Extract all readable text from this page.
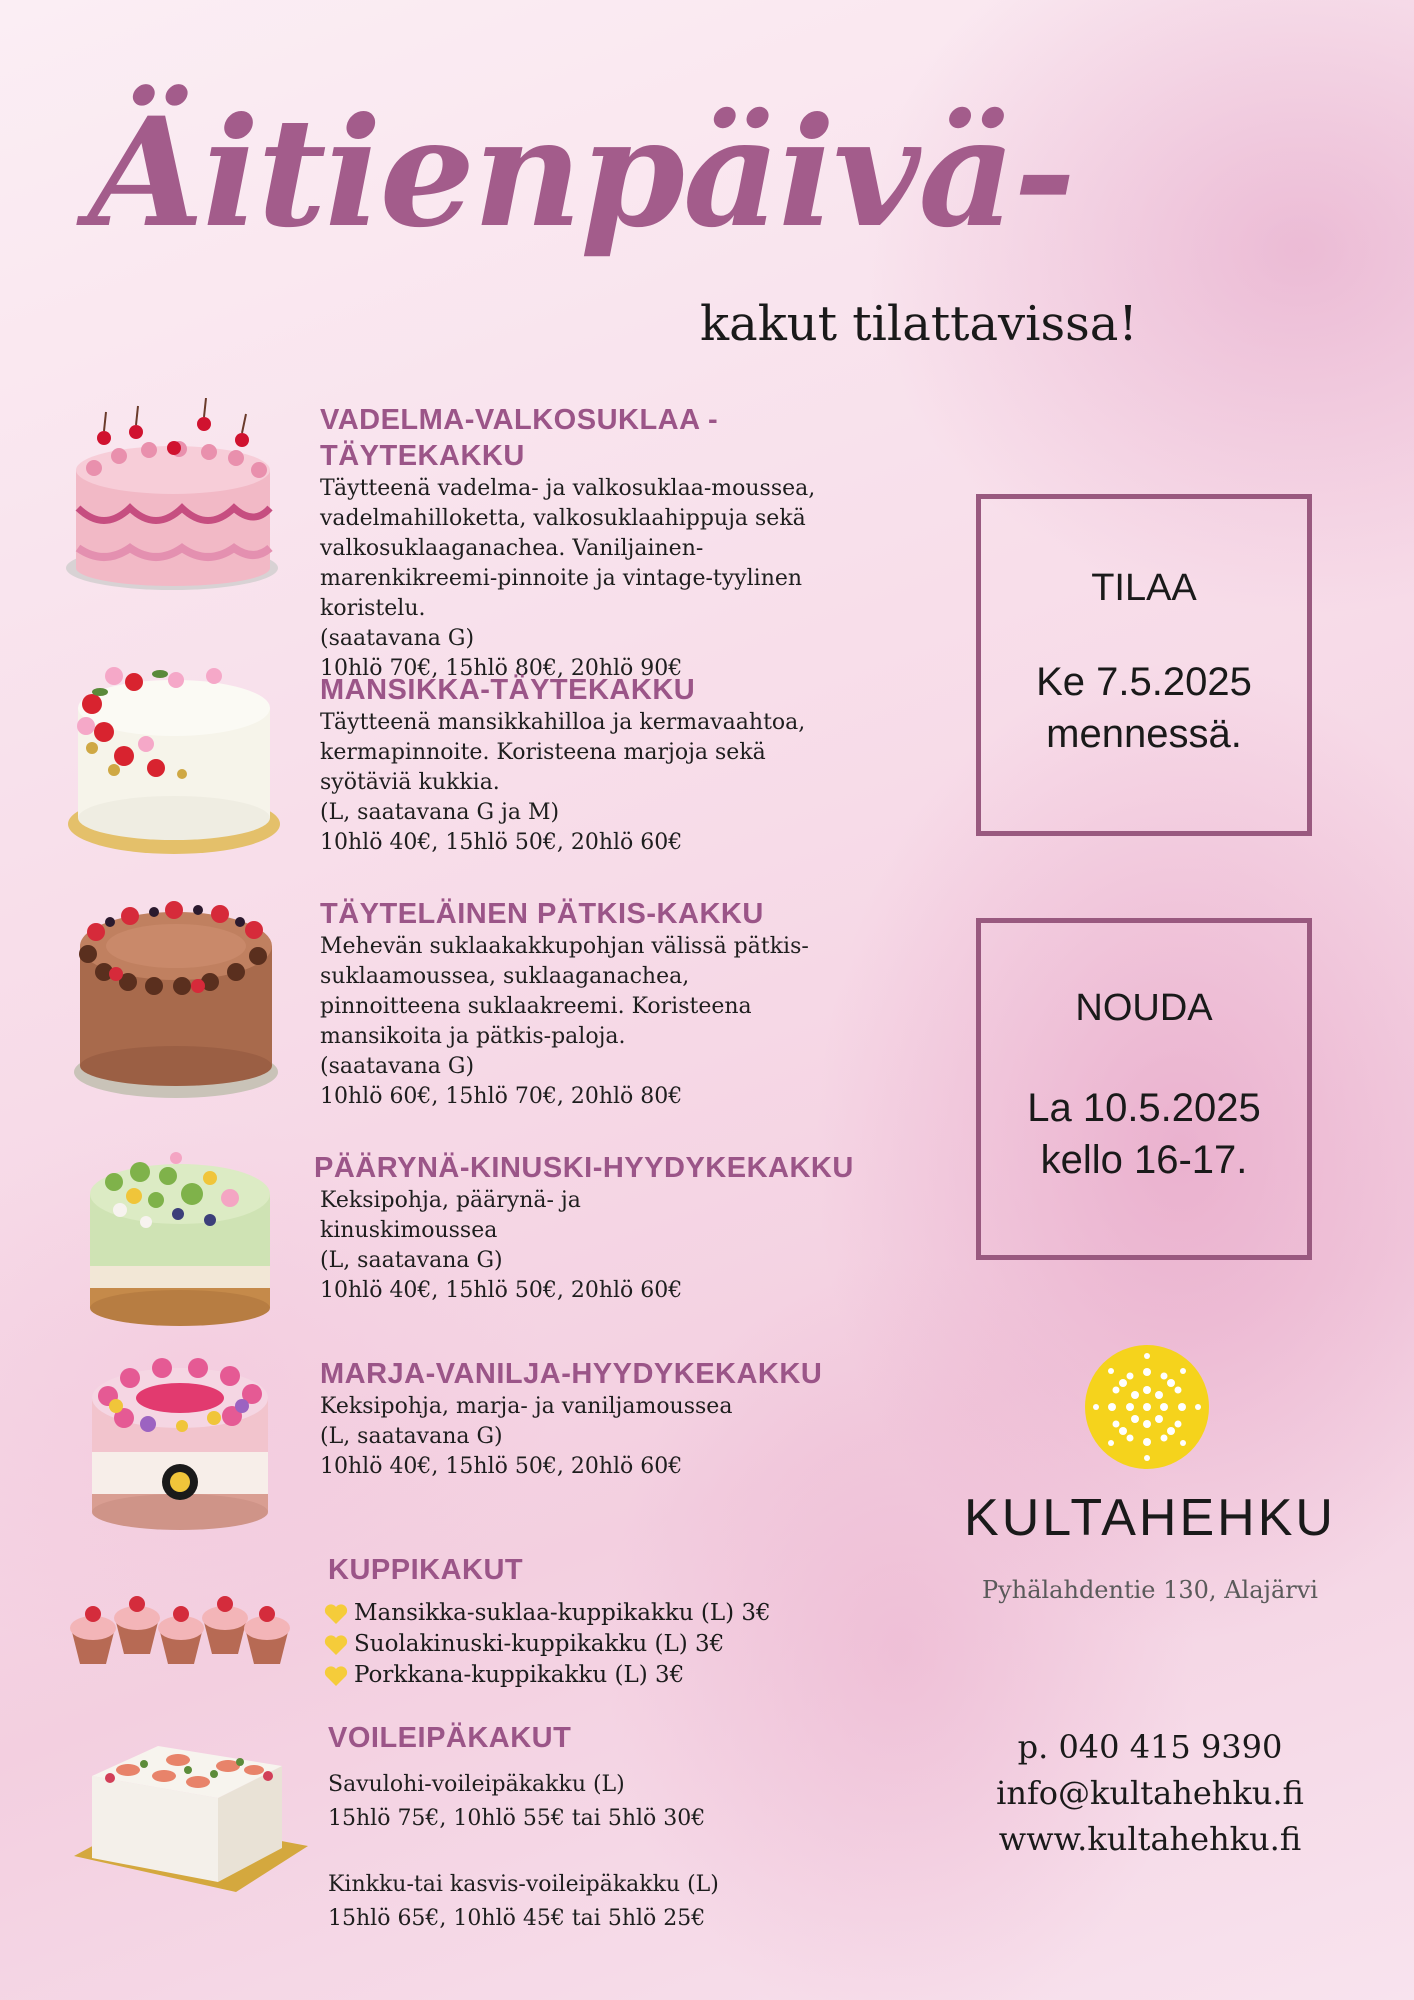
Äitienpäivä-

kakut tilattavissa!

VADELMA-VALKOSUKLAA -TÄYTEKAKKU

Täytteenä vadelma- ja valkosuklaa-moussea,

vadelmahilloketta, valkosuklaahippuja sekä

valkosuklaaganachea. Vaniljainen-

marenkikreemi-pinnoite ja vintage-tyylinen

koristelu.

(saatavana G)

10hlö 70€, 15hlö 80€, 20hlö 90€

MANSIKKA-TÄYTEKAKKU

Täytteenä mansikkahilloa ja kermavaahtoa,

kermapinnoite. Koristeena marjoja sekä

syötäviä kukkia.

(L, saatavana G ja M)

10hlö 40€, 15hlö 50€, 20hlö 60€

TÄYTELÄINEN PÄTKIS-KAKKU

Mehevän suklaakakkupohjan välissä pätkis-

suklaamoussea, suklaaganachea,

pinnoitteena suklaakreemi. Koristeena

mansikoita ja pätkis-paloja.

(saatavana G)

10hlö 60€, 15hlö 70€, 20hlö 80€

PÄÄRYNÄ-KINUSKI-HYYDYKEKAKKU

Keksipohja, päärynä- ja

kinuskimoussea

(L, saatavana G)

10hlö 40€, 15hlö 50€, 20hlö 60€

MARJA-VANILJA-HYYDYKEKAKKU

Keksipohja, marja- ja vaniljamoussea

(L, saatavana G)

10hlö 40€, 15hlö 50€, 20hlö 60€

KUPPIKAKUT
Mansikka-suklaa-kuppikakku (L) 3€
Suolakinuski-kuppikakku (L) 3€
Porkkana-kuppikakku (L) 3€
VOILEIPÄKAKUT

Savulohi-voileipäkakku (L)

15hlö 75€, 10hlö 55€ tai 5hlö 30€

Kinkku-tai kasvis-voileipäkakku (L)

15hlö 65€, 10hlö 45€ tai 5hlö 25€

TILAA

Ke 7.5.2025

mennessä.

NOUDA

La 10.5.2025

kello 16-17.

KULTAHEHKU

Pyhälahdentie 130, Alajärvi

p. 040 415 9390

info@kultahehku.fi

www.kultahehku.fi
